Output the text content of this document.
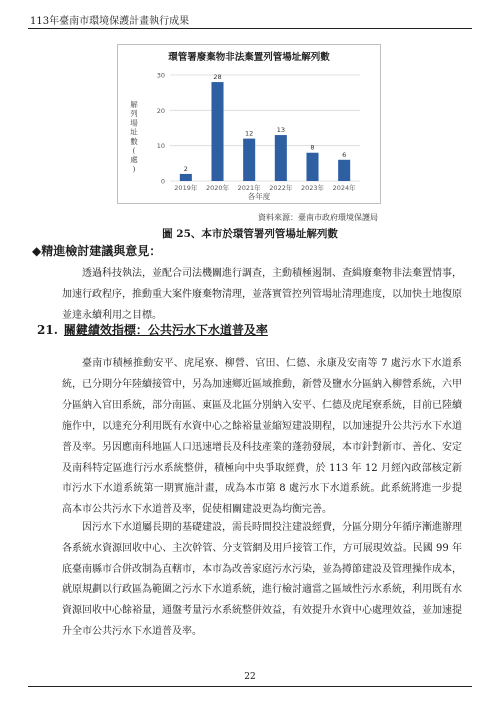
113年臺南市環境保護計畫執行成果
環管署廢棄物非法棄置列管場址解列數
解
列
場
址
數
(
處
)
0
10
20
30
2
28
12	13
8
6
2019年 2020年 2021年 2022年 2023年 2024年
各年度
資料來源：臺南市政府環境保護局
圖 25、本市於環管署列管場址解列數
◆精進檢討建議與意見：
透過科技執法，並配合司法機關進行調查，主動積極遏制、查緝廢棄物非法棄置情事，加速行政程序，推動重大案件廢棄物清理，並落實管控列管場址清理進度，以加快土地復原並達永續利用之目標。
21. 關鍵績效指標：公共污水下水道普及率
臺南市積極推動安平、虎尾寮、柳營、官田、仁德、永康及安南等 7 處污水下水道系統，已分期分年陸續接管中，另為加速鄉近區域推動，新營及鹽水分區納入柳營系統，六甲分區納入官田系統，部分南區、東區及北區分別納入安平、仁德及虎尾寮系統，目前已陸續施作中，以達充分利用既有水資中心之餘裕量並縮短建設期程，以加速提升公共污水下水道普及率。另因應南科地區人口迅速增長及科技產業的蓬勃發展，本市針對新市、善化、安定及南科特定區進行污水系統整併，積極向中央爭取經費，於 113 年 12 月經內政部核定新市污水下水道系統第一期實施計畫，成為本市第 8 處污水下水道系統。此系統將進一步提高本市公共污水下水道普及率，促使相關建設更為均衡完善。
因污水下水道屬長期的基礎建設，需長時間投注建設經費，分區分期分年循序漸進辦理各系統水資源回收中心、主次幹管、分支管網及用戶接管工作，方可展現效益。民國 99 年底臺南縣市合併改制為直轄市，本市為改善家庭污水污染，並為撙節建設及管理操作成本，就原規劃以行政區為範圍之污水下水道系統，進行檢討適當之區域性污水系統，利用既有水資源回收中心餘裕量，通盤考量污水系統整併效益，有效提升水資中心處理效益，並加速提升全市公共污水下水道普及率。
22
